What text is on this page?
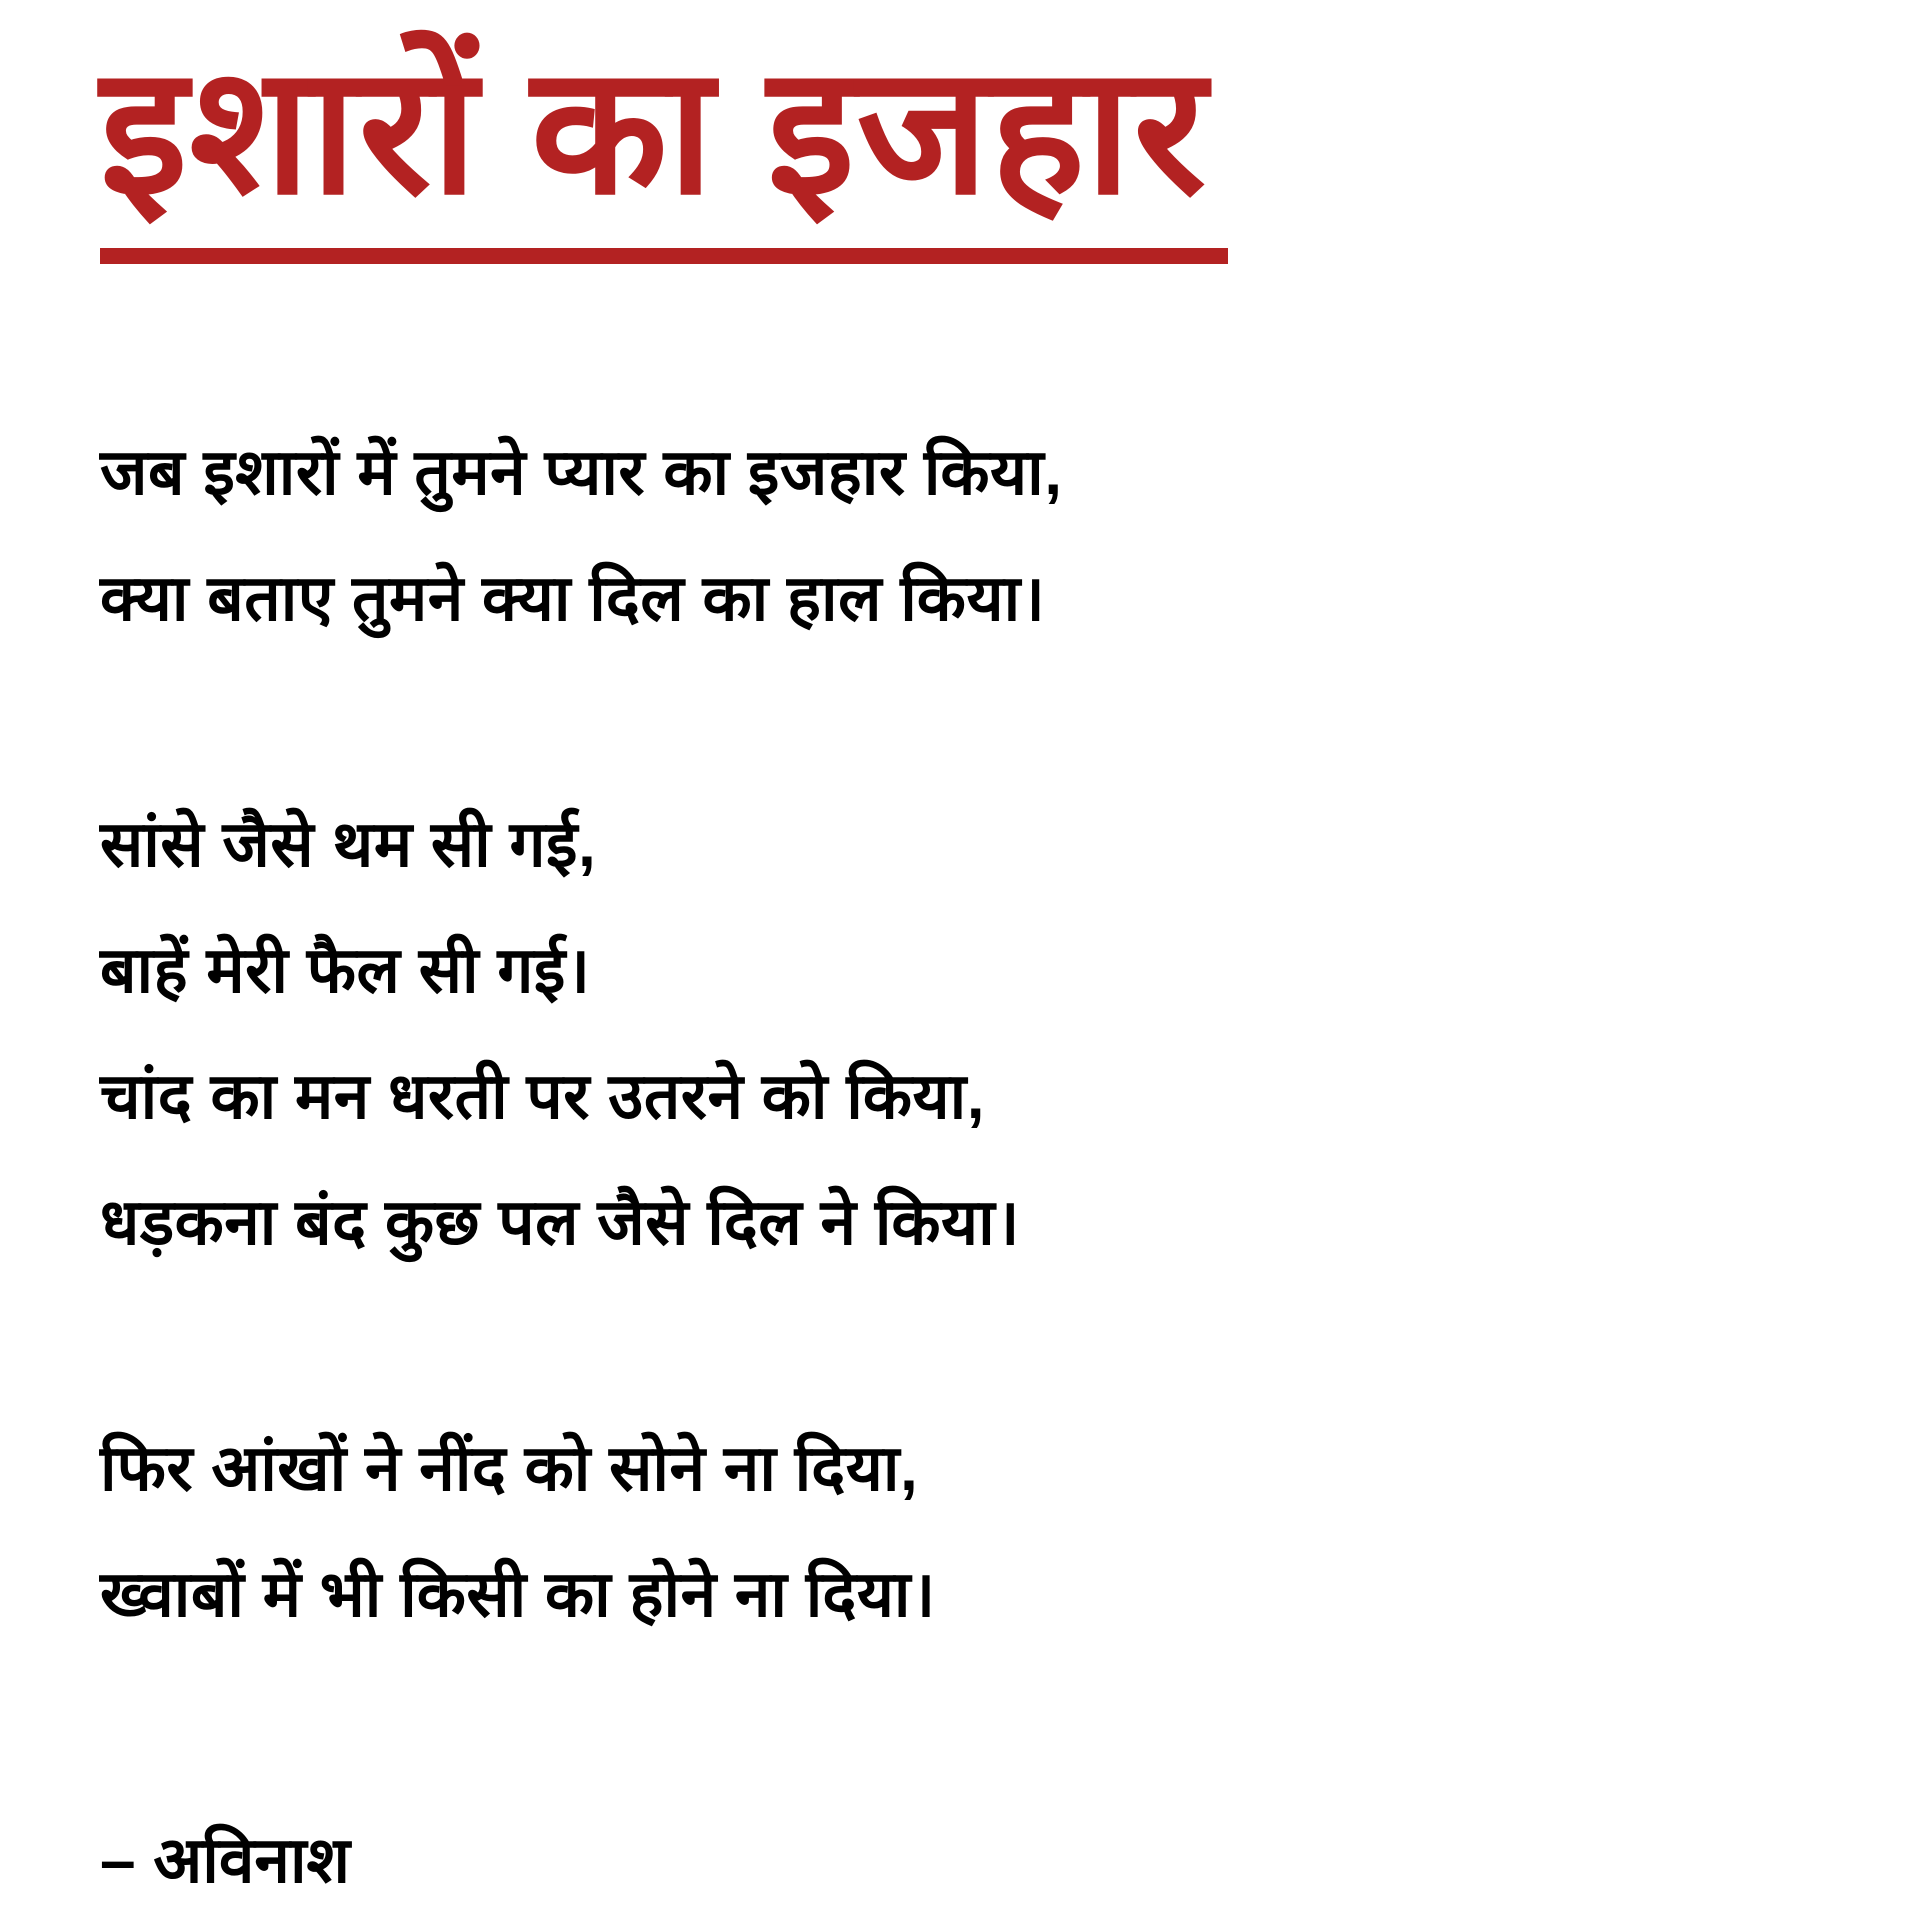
इशारों का इजहार

जब इशारों में तुमने प्यार का इजहार किया,

क्या बताए तुमने क्या दिल का हाल किया।

सांसे जैसे थम सी गई,

बाहें मेरी फैल सी गई।

चांद का मन धरती पर उतरने को किया,

धड़कना बंद कुछ पल जैसे दिल ने किया।

फिर आंखों ने नींद को सोने ना दिया,

ख्वाबों में भी किसी का होने ना दिया।

– अविनाश
